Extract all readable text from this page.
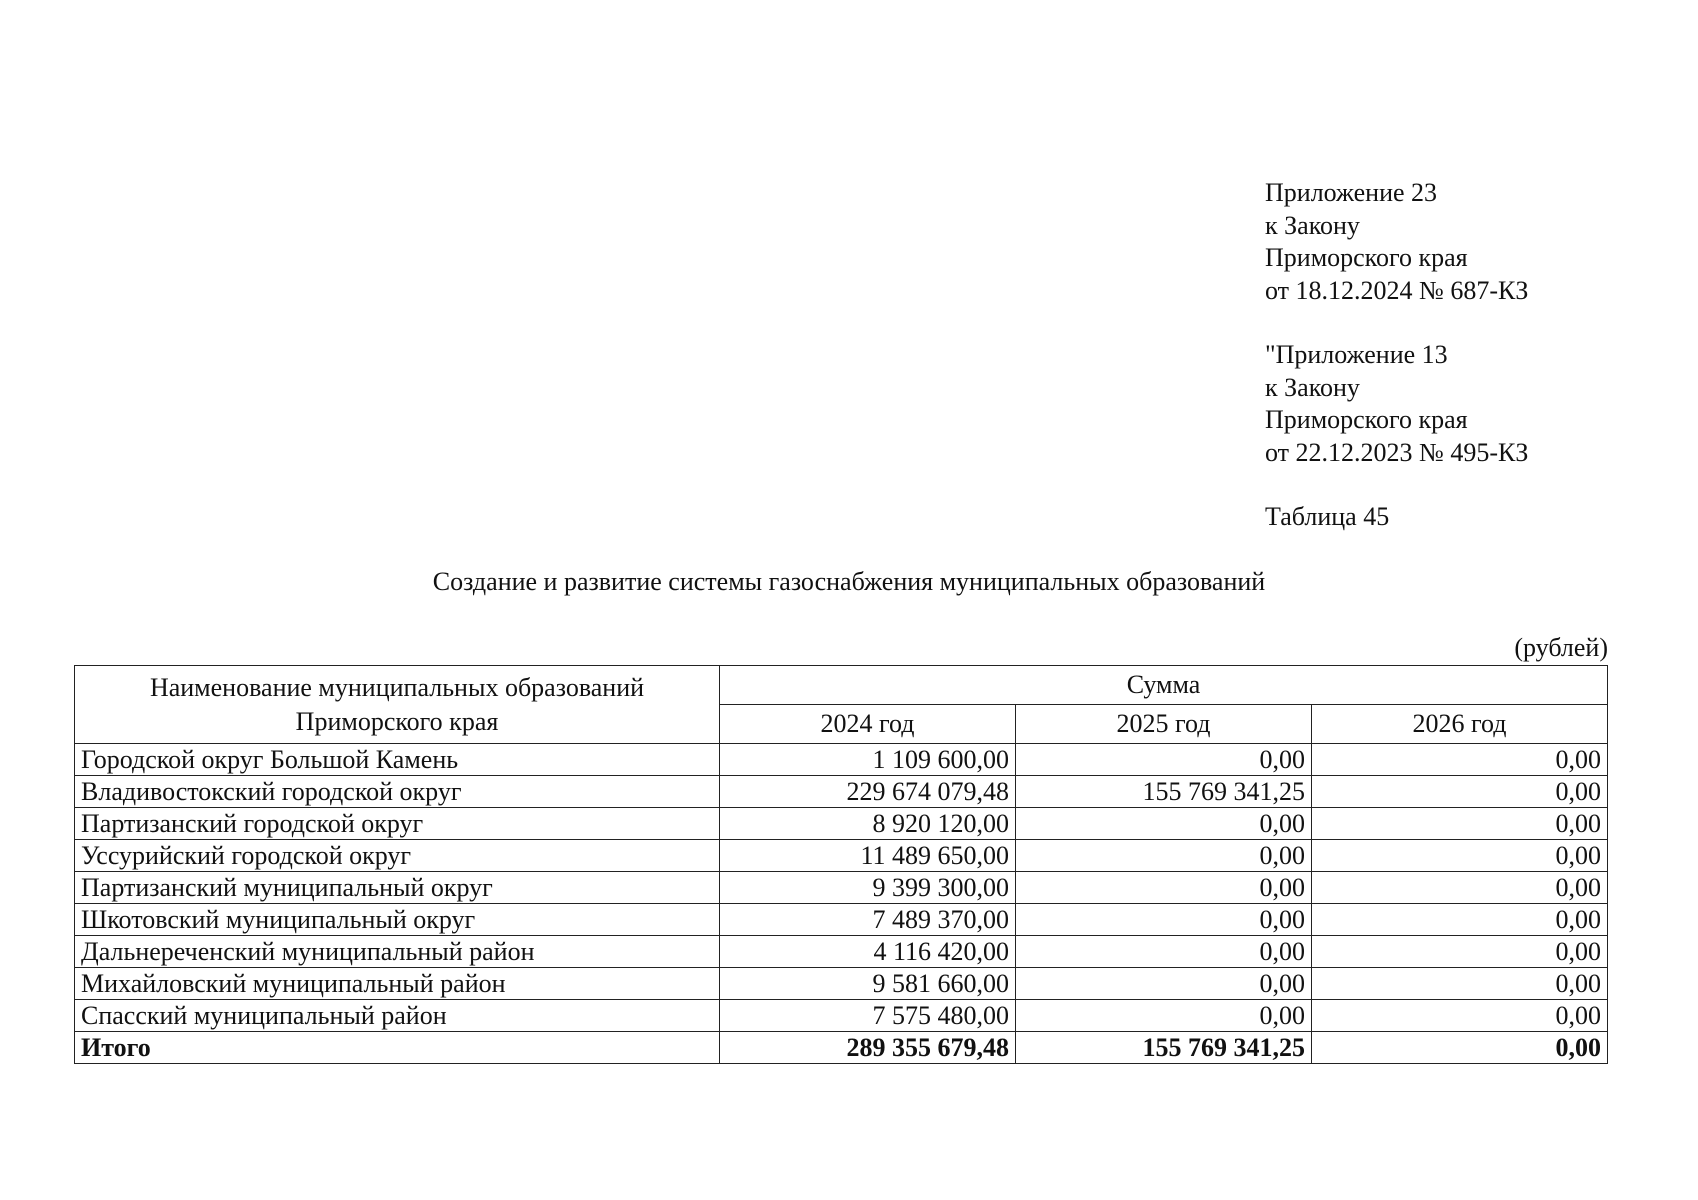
Приложение 23
к Закону
Приморского края
от 18.12.2024 № 687-КЗ
"Приложение 13
к Закону
Приморского края
от 22.12.2023 № 495-КЗ
Таблица 45
Создание и развитие системы газоснабжения муниципальных образований
(рублей)
Наименование муниципальных образований Приморского края	Сумма		
	2024 год	2025 год	2026 год
Городской округ Большой Камень	1 109 600,00	0,00	0,00
Владивостокский городской округ	229 674 079,48	155 769 341,25	0,00
Партизанский городской округ	8 920 120,00	0,00	0,00
Уссурийский городской округ	11 489 650,00	0,00	0,00
Партизанский муниципальный округ	9 399 300,00	0,00	0,00
Шкотовский муниципальный округ	7 489 370,00	0,00	0,00
Дальнереченский муниципальный район	4 116 420,00	0,00	0,00
Михайловский муниципальный район	9 581 660,00	0,00	0,00
Спасский муниципальный район	7 575 480,00	0,00	0,00
Итого	289 355 679,48	155 769 341,25	0,00
